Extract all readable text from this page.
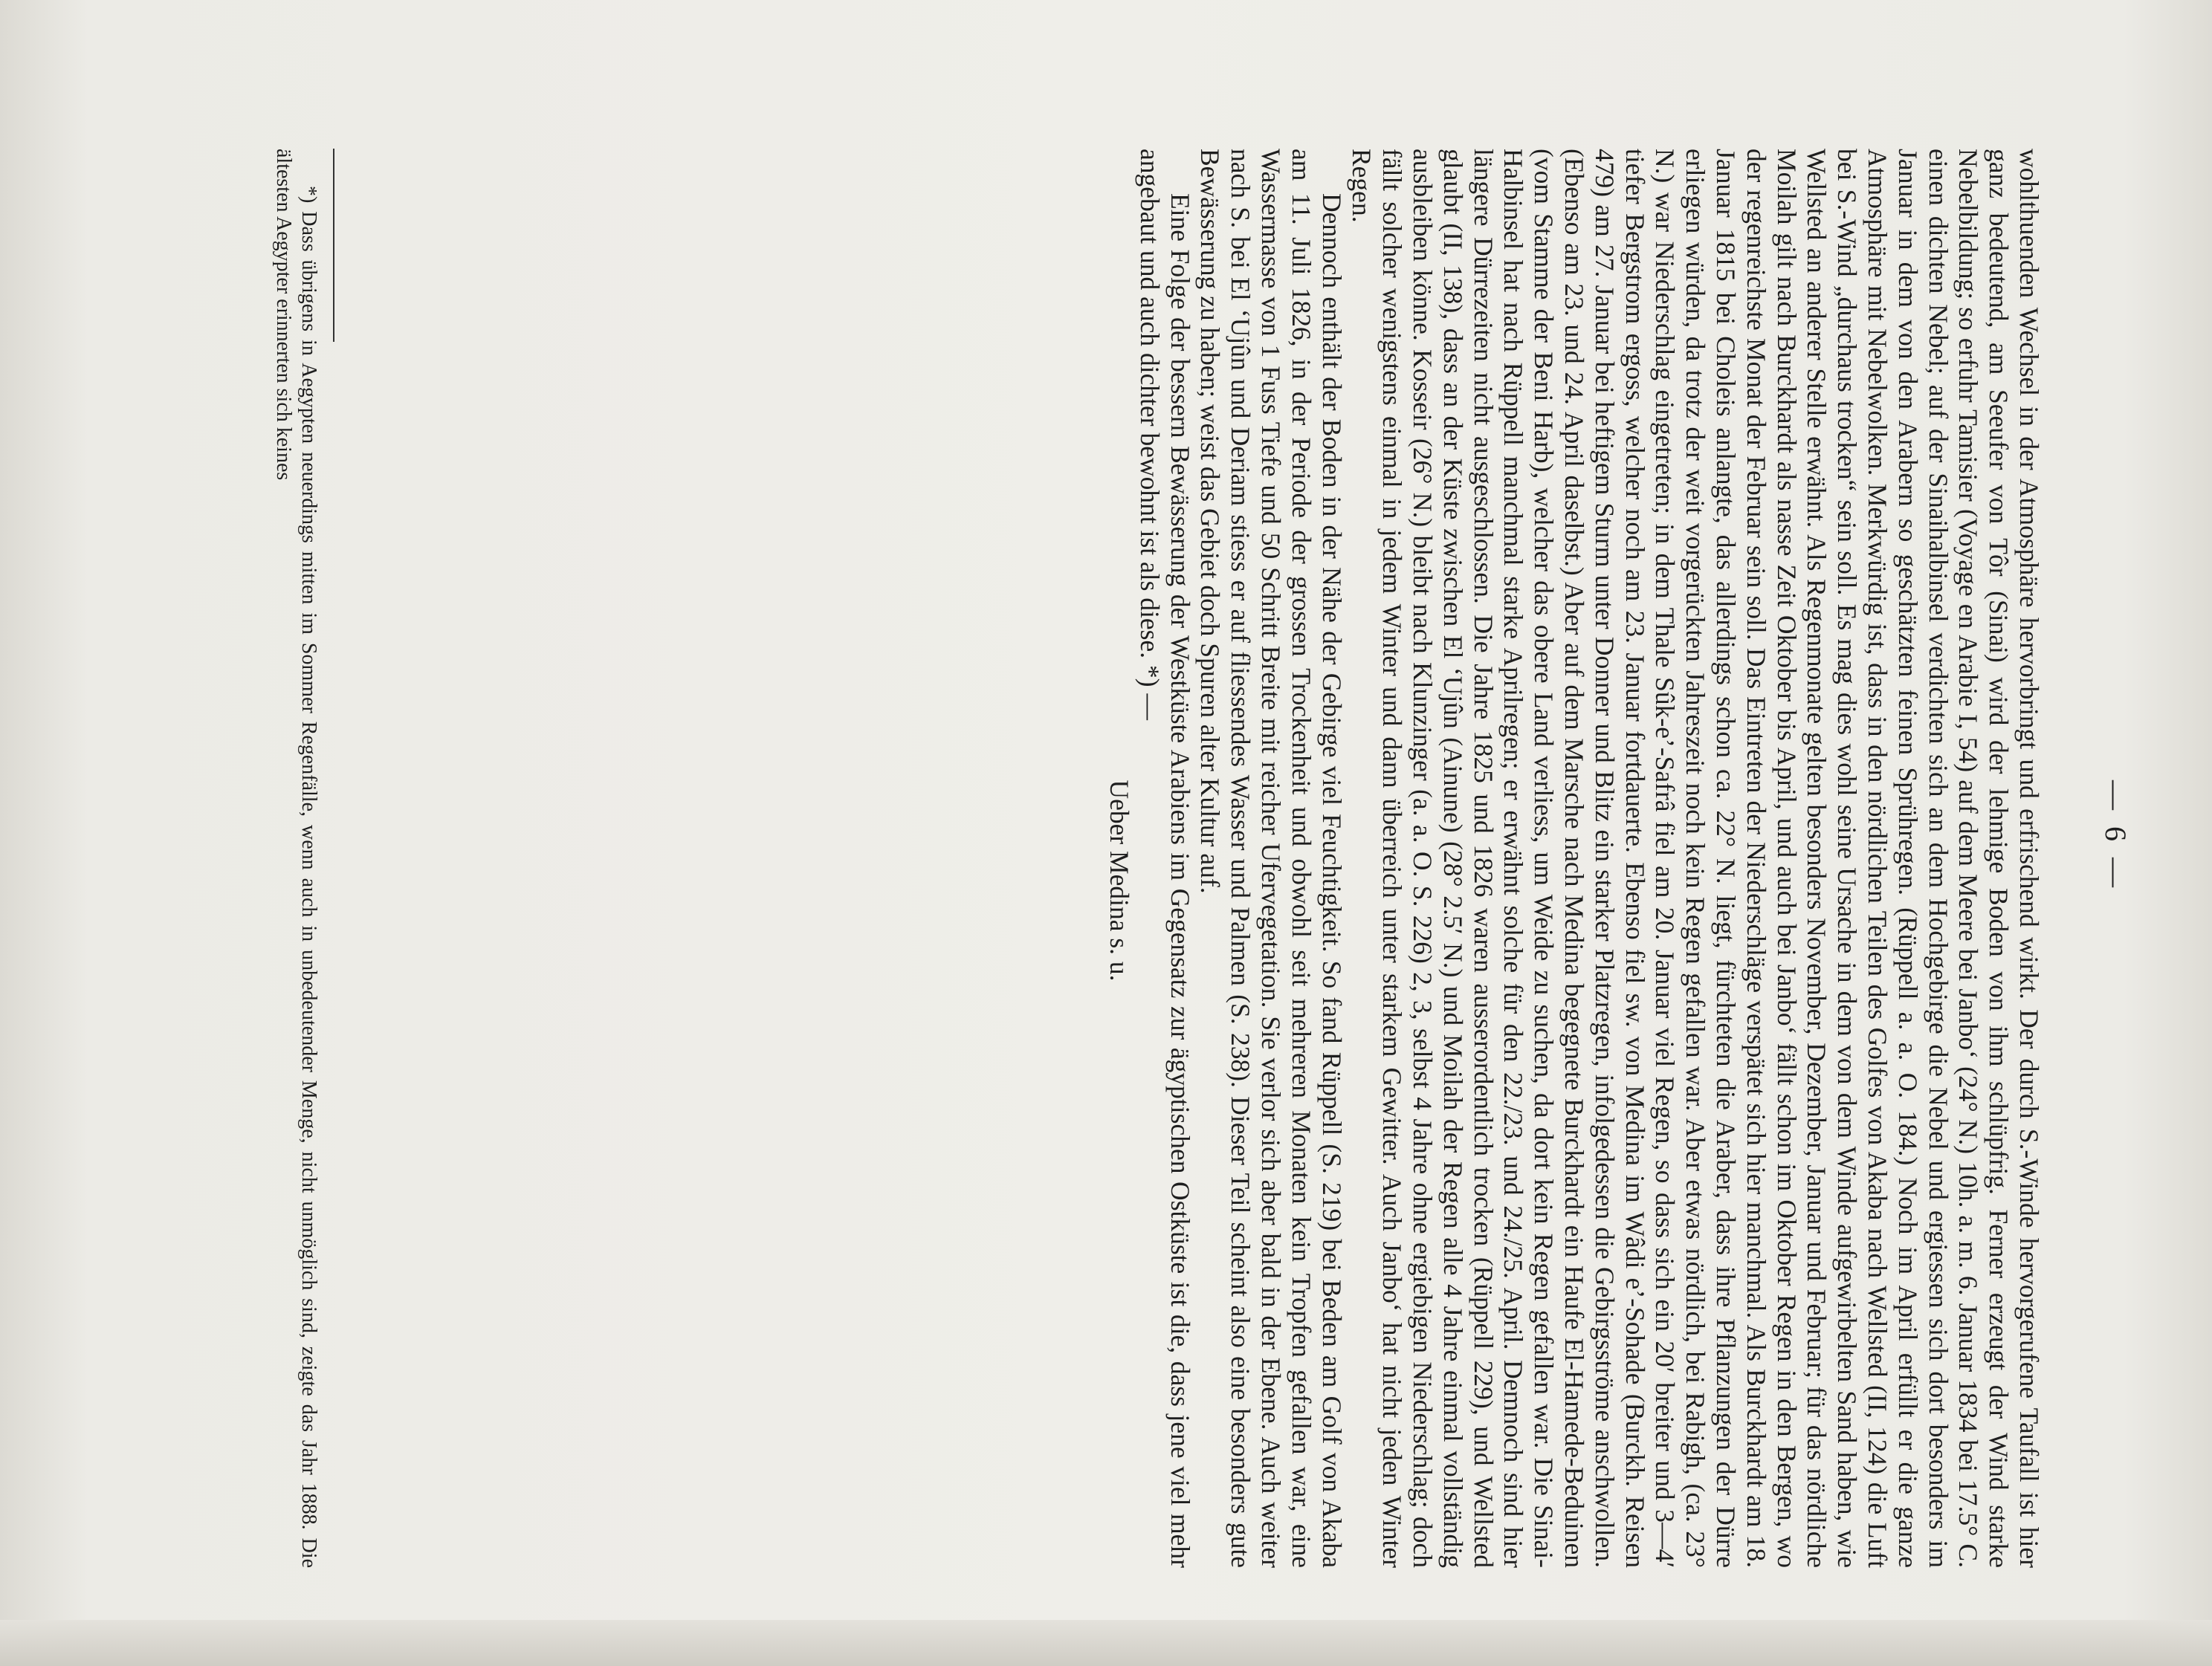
— 6 —

wohlthuenden Wechsel in der Atmosphäre hervorbringt und erfrischend wirkt. Der durch S.-Winde hervorgerufene Taufall ist hier ganz bedeutend, am Seeufer von Tôr (Sinai) wird der lehmige Boden von ihm schlüpfrig. Ferner erzeugt der Wind starke Nebelbildung; so erfuhr Tamisier (Voyage en Arabie I, 54) auf dem Meere bei Janbo‘ (24° N.) 10h. a. m. 6. Januar 1834 bei 17.5° C. einen dichten Nebel; auf der Sinaihalbinsel verdichten sich an dem Hochgebirge die Nebel und ergiessen sich dort besonders im Januar in dem von den Arabern so geschätzten feinen Sprühregen. (Rüppell a. a. O. 184.) Noch im April erfüllt er die ganze Atmosphäre mit Nebelwolken. Merkwürdig ist, dass in den nördlichen Teilen des Golfes von Akaba nach Wellsted (II, 124) die Luft bei S.-Wind „durchaus trocken“ sein soll. Es mag dies wohl seine Ursache in dem von dem Winde aufgewirbelten Sand haben, wie Wellsted an anderer Stelle erwähnt. Als Regenmonate gelten besonders November, Dezember, Januar und Februar; für das nördliche Moilah gilt nach Burckhardt als nasse Zeit Oktober bis April, und auch bei Janbo‘ fällt schon im Oktober Regen in den Bergen, wo der regenreichste Monat der Februar sein soll. Das Eintreten der Niederschläge verspätet sich hier manchmal. Als Burckhardt am 18. Januar 1815 bei Choleis anlangte, das allerdings schon ca. 22° N. liegt, fürchteten die Araber, dass ihre Pflanzungen der Dürre erliegen würden, da trotz der weit vorgerückten Jahreszeit noch kein Regen gefallen war. Aber etwas nördlich, bei Rabigh, (ca. 23° N.) war Niederschlag eingetreten; in dem Thale Sûk-e’-Safrâ fiel am 20. Januar viel Regen, so dass sich ein 20′ breiter und 3—4′ tiefer Bergstrom ergoss, welcher noch am 23. Januar fortdauerte. Ebenso fiel sw. von Medina im Wâdi e’-Sohade (Burckh. Reisen 479) am 27. Januar bei heftigem Sturm unter Donner und Blitz ein starker Platzregen, infolgedessen die Gebirgsströme anschwollen. (Ebenso am 23. und 24. April daselbst.) Aber auf dem Marsche nach Medina begegnete Burckhardt ein Haufe El-Hamede-Beduinen (vom Stamme der Beni Harb), welcher das obere Land verliess, um Weide zu suchen, da dort kein Regen gefallen war. Die Sinai-Halbinsel hat nach Rüppell manchmal starke Aprilregen; er erwähnt solche für den 22./23. und 24./25. April. Demnoch sind hier längere Dürrezeiten nicht ausgeschlossen. Die Jahre 1825 und 1826 waren ausserordentlich trocken (Rüppell 229), und Wellsted glaubt (II, 138), dass an der Küste zwischen El ‘Ujûn (Ainune) (28° 2.5′ N.) und Moilah der Regen alle 4 Jahre einmal vollständig ausbleiben könne. Kosseir (26° N.) bleibt nach Klunzinger (a. a. O. S. 226) 2, 3, selbst 4 Jahre ohne ergiebigen Niederschlag; doch fällt solcher wenigstens einmal in jedem Winter und dann überreich unter starkem Gewitter. Auch Janbo‘ hat nicht jeden Winter Regen.

Dennoch enthält der Boden in der Nähe der Gebirge viel Feuchtigkeit. So fand Rüppell (S. 219) bei Beden am Golf von Akaba am 11. Juli 1826, in der Periode der grossen Trockenheit und obwohl seit mehreren Monaten kein Tropfen gefallen war, eine Wassermasse von 1 Fuss Tiefe und 50 Schritt Breite mit reicher Ufervegetation. Sie verlor sich aber bald in der Ebene. Auch weiter nach S. bei El ‘Ujûn und Deriam stiess er auf fliessendes Wasser und Palmen (S. 238). Dieser Teil scheint also eine besonders gute Bewässerung zu haben; weist das Gebiet doch Spuren alter Kultur auf.

Eine Folge der bessern Bewässerung der Westküste Arabiens im Gegensatz zur ägyptischen Ostküste ist die, dass jene viel mehr angebaut und auch dichter bewohnt ist als diese. *) —

Ueber Medina s. u.

*) Dass übrigens in Aegypten neuerdings mitten im Sommer Regenfälle, wenn auch in unbedeutender Menge, nicht unmöglich sind, zeigte das Jahr 1888. Die ältesten Aegypter erinnerten sich keines
